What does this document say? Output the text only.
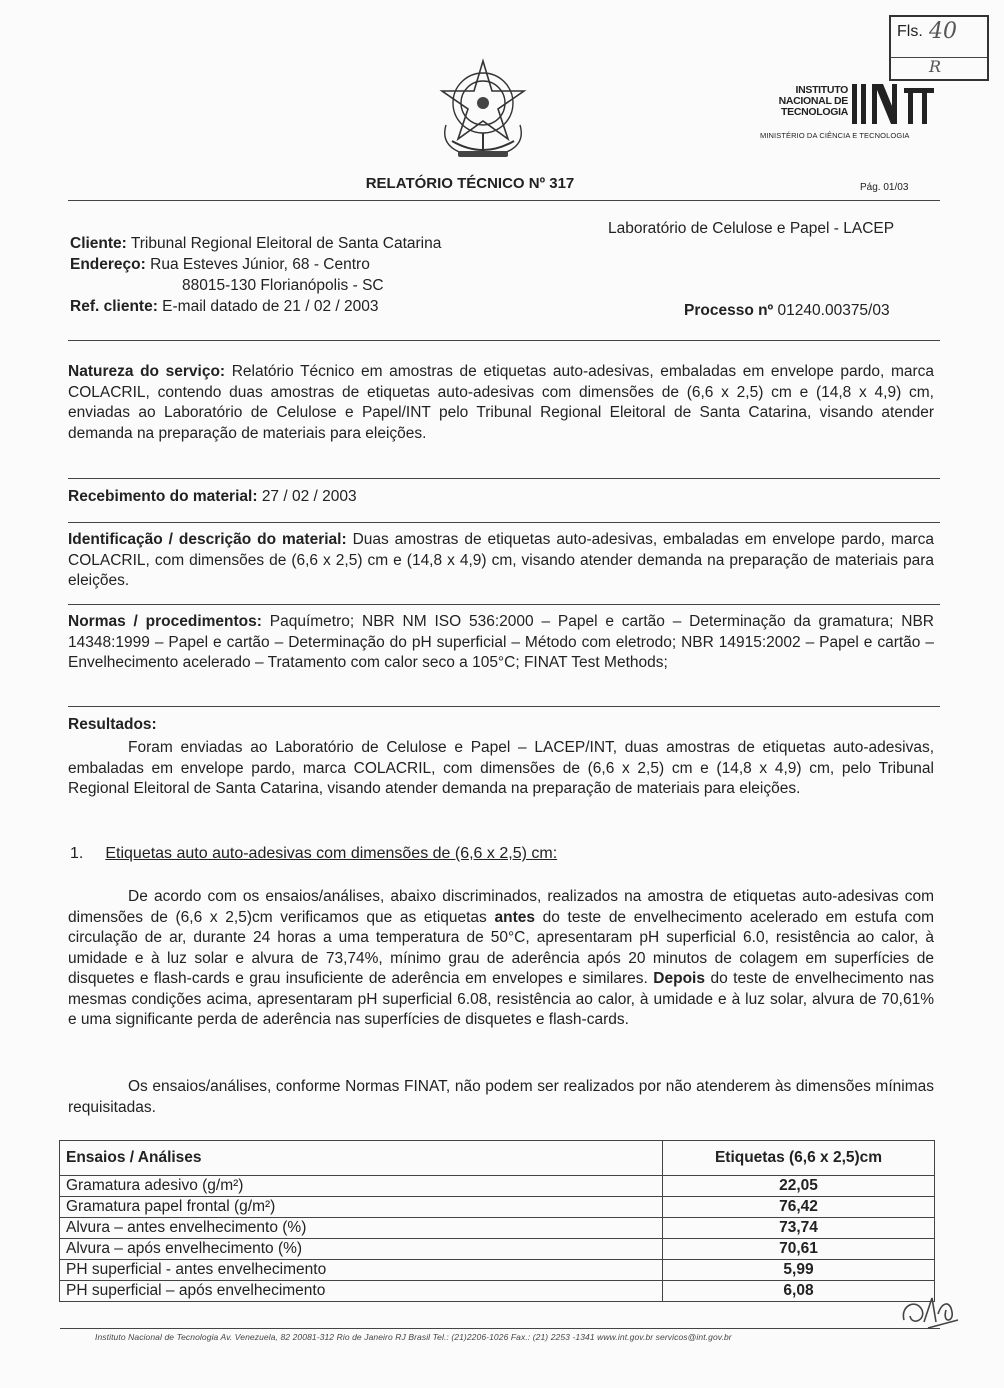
Fls. 40
R
INSTITUTO
NACIONAL DE
TECNOLOGIA
MINISTÉRIO DA CIÊNCIA E TECNOLOGIA
RELATÓRIO TÉCNICO Nº 317	Pág. 01/03
Laboratório de Celulose e Papel - LACEP
Cliente: Tribunal Regional Eleitoral de Santa Catarina
Endereço: Rua Esteves Júnior, 68 - Centro
88015-130 Florianópolis - SC
Ref. cliente: E-mail datado de 21 / 02 / 2003	Processo nº 01240.00375/03
Natureza do serviço: Relatório Técnico em amostras de etiquetas auto-adesivas, embaladas em envelope pardo, marca COLACRIL, contendo duas amostras de etiquetas auto-adesivas com dimensões de (6,6 x 2,5) cm e (14,8 x 4,9) cm, enviadas ao Laboratório de Celulose e Papel/INT pelo Tribunal Regional Eleitoral de Santa Catarina, visando atender demanda na preparação de materiais para eleições.
Recebimento do material: 27 / 02 / 2003
Identificação / descrição do material: Duas amostras de etiquetas auto-adesivas, embaladas em envelope pardo, marca COLACRIL, com dimensões de (6,6 x 2,5) cm e (14,8 x 4,9) cm, visando atender demanda na preparação de materiais para eleições.
Normas / procedimentos: Paquímetro; NBR NM ISO 536:2000 – Papel e cartão – Determinação da gramatura; NBR 14348:1999 – Papel e cartão – Determinação do pH superficial – Método com eletrodo; NBR 14915:2002 – Papel e cartão – Envelhecimento acelerado – Tratamento com calor seco a 105°C; FINAT Test Methods;
Resultados:
Foram enviadas ao Laboratório de Celulose e Papel – LACEP/INT, duas amostras de etiquetas auto-adesivas, embaladas em envelope pardo, marca COLACRIL, com dimensões de (6,6 x 2,5) cm e (14,8 x 4,9) cm, pelo Tribunal Regional Eleitoral de Santa Catarina, visando atender demanda na preparação de materiais para eleições.
1. Etiquetas auto auto-adesivas com dimensões de (6,6 x 2,5) cm:
De acordo com os ensaios/análises, abaixo discriminados, realizados na amostra de etiquetas auto-adesivas com dimensões de (6,6 x 2,5)cm verificamos que as etiquetas antes do teste de envelhecimento acelerado em estufa com circulação de ar, durante 24 horas a uma temperatura de 50°C, apresentaram pH superficial 6.0, resistência ao calor, à umidade e à luz solar e alvura de 73,74%, mínimo grau de aderência após 20 minutos de colagem em superfícies de disquetes e flash-cards e grau insuficiente de aderência em envelopes e similares. Depois do teste de envelhecimento nas mesmas condições acima, apresentaram pH superficial 6.08, resistência ao calor, à umidade e à luz solar, alvura de 70,61% e uma significante perda de aderência nas superfícies de disquetes e flash-cards.
Os ensaios/análises, conforme Normas FINAT, não podem ser realizados por não atenderem às dimensões mínimas requisitadas.
Ensaios / Análises	Etiquetas (6,6 x 2,5)cm
Gramatura adesivo (g/m²)	22,05
Gramatura papel frontal (g/m²)	76,42
Alvura – antes envelhecimento (%)	73,74
Alvura – após envelhecimento (%)	70,61
PH superficial - antes envelhecimento	5,99
PH superficial – após envelhecimento	6,08
Instituto Nacional de Tecnologia Av. Venezuela, 82 20081-312 Rio de Janeiro RJ Brasil Tel.: (21)2206-1026 Fax.: (21) 2253 -1341 www.int.gov.br servicos@int.gov.br
